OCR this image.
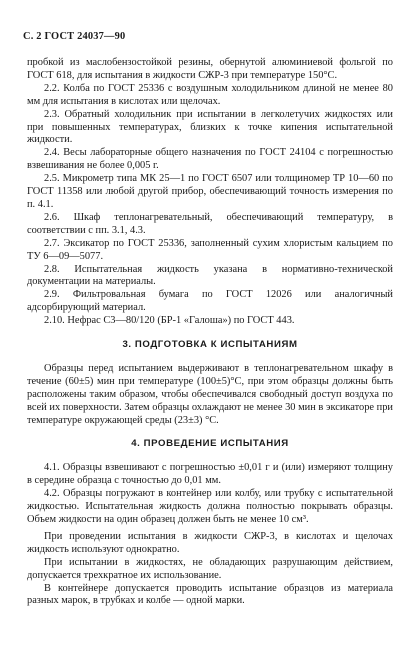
С. 2 ГОСТ 24037—90

пробкой из маслобензостойкой резины, обернутой алюминиевой фольгой по ГОСТ 618, для испытания в жидкости СЖР-3 при температуре 150°С.

2.2. Колба по ГОСТ 25336 с воздушным холодильником длиной не менее 80 мм для испытания в кислотах или щелочах.

2.3. Обратный холодильник при испытании в легколетучих жидкостях или при повышенных температурах, близких к точке кипения испытательной жидкости.

2.4. Весы лабораторные общего назначения по ГОСТ 24104 с погрешностью взвешивания не более 0,005 г.

2.5. Микрометр типа МК 25—1 по ГОСТ 6507 или толщиномер ТР 10—60 по ГОСТ 11358 или любой другой прибор, обеспечивающий точность измерения по п. 4.1.

2.6. Шкаф теплонагревательный, обеспечивающий температуру, в соответствии с пп. 3.1, 4.3.

2.7. Эксикатор по ГОСТ 25336, заполненный сухим хлористым кальцием по ТУ 6—09—5077.

2.8. Испытательная жидкость указана в нормативно-технической документации на материалы.

2.9. Фильтровальная бумага по ГОСТ 12026 или аналогичный адсорбирующий материал.

2.10. Нефрас С3—80/120 (БР-1 «Галоша») по ГОСТ 443.

3. ПОДГОТОВКА К ИСПЫТАНИЯМ

Образцы перед испытанием выдерживают в теплонагревательном шкафу в течение (60±5) мин при температуре (100±5)°С, при этом образцы должны быть расположены таким образом, чтобы обеспечивался свободный доступ воздуха по всей их поверхности. Затем образцы охлаждают не менее 30 мин в эксикаторе при температуре окружающей среды (23±3) °С.

4. ПРОВЕДЕНИЕ ИСПЫТАНИЯ

4.1. Образцы взвешивают с погрешностью ±0,01 г и (или) измеряют толщину в середине образца с точностью до 0,01 мм.

4.2. Образцы погружают в контейнер или колбу, или трубку с испытательной жидкостью. Испытательная жидкость должна полностью покрывать образцы. Объем жидкости на один образец должен быть не менее 10 см³.

При проведении испытания в жидкости СЖР-3, в кислотах и щелочах жидкость используют однократно.

При испытании в жидкостях, не обладающих разрушающим действием, допускается трехкратное их использование.

В контейнере допускается проводить испытание образцов из материала разных марок, в трубках и колбе — одной марки.
